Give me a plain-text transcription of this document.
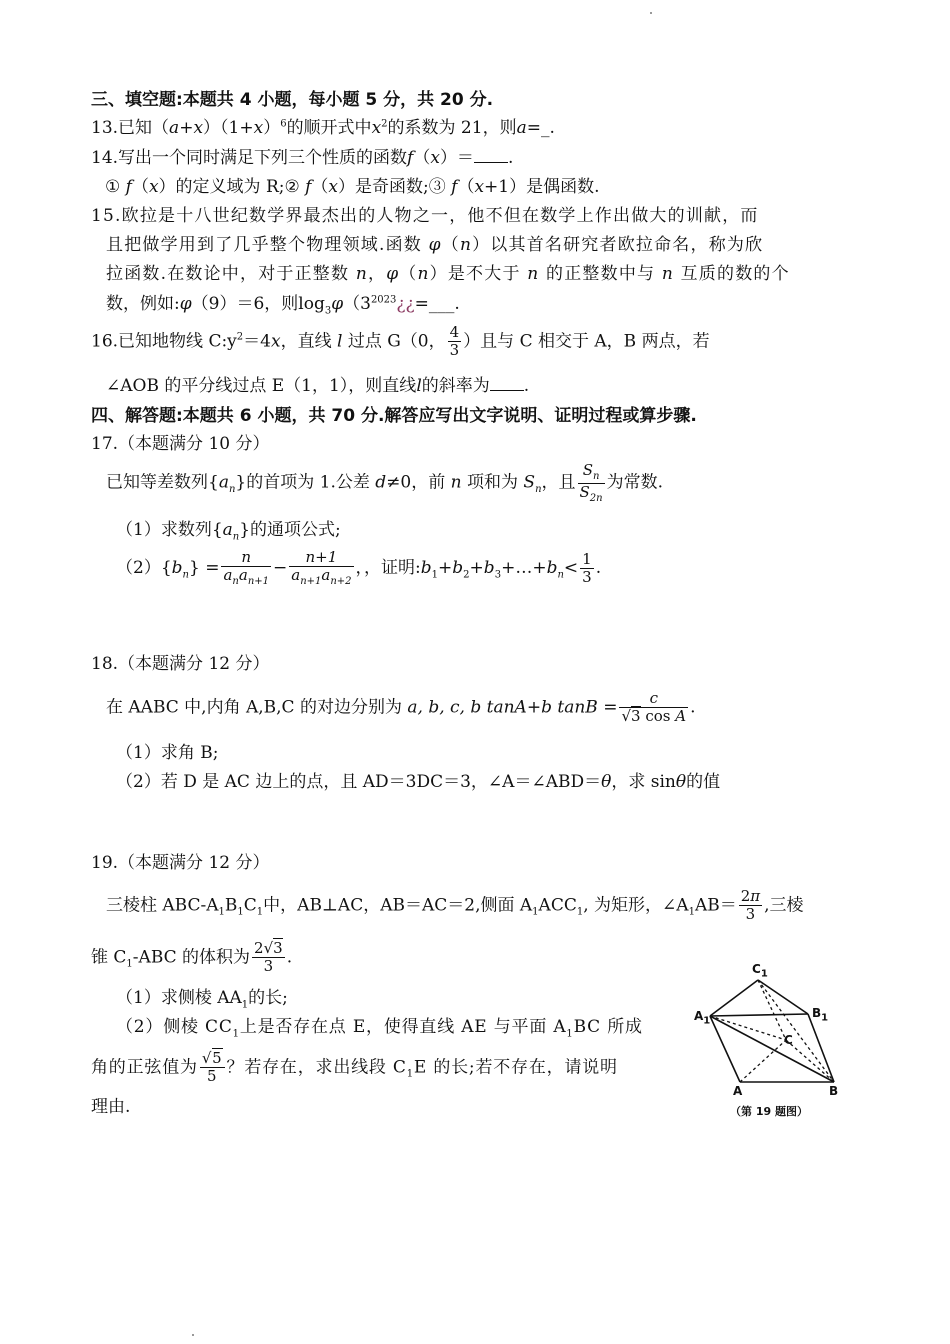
三、填空题:本题共 4 小题，每小题 5 分，共 20 分.
13.已知$(a+x)(1+x)^6$的顺开式中$x^2$的系数为 21，则a=_.
14.写出一个同时满足下列三个性质的函数f（x）＝ .
① f（x）的定义域为 R;② f（x）是奇函数;③ f（x+1）是偶函数.
15.欧拉是十八世纪数学界最杰出的人物之一，他不但在数学上作出做大的训献，而
且把做学用到了几乎整个物理领域.函数 φ（n）以其首名研究者欧拉命名，称为欣
拉函数.在数论中，对于正整数 n，φ（n）是不大于 n 的正整数中与 n 互质的数的个
数，例如:φ（9）＝6，则$\log_3\varphi(3^{2023}¿¿=\_\_\_$.
16.已知地物线 $C:y^2=4x$，直线 l 过点 G（0， $\frac{4}{3}$ ）且与 C 相交于 A，B 两点，若
∠AOB 的平分线过点 E（1，1），则直线l的斜率为 .
四、解答题:本题共 6 小题，共 70 分.解答应写出文字说明、证明过程或算步骤.
17.（本题满分 10 分）
已知等差数列$\{a_n\}$的首项为 1.公差 d≠0，前 n 项和为 $S_n$，且 $\frac{S_n}{S_{2n}}$ 为常数.
（1）求数列$\{a_n\}$的通项公式;
$(2)\{b_n\} = \frac{n}{a_na_{n+1}} - \frac{n+1}{a_{n+1}a_{n+2}}$ ，，证明$:b_1+b_2+b_3+\dots+b_n< \frac{1}{3}$ .
18.（本题满分 12 分）
在 AABC 中,内角 A,B,C 的对边分别为 a, b, c, b tanA+b $\tan B = \frac{c}{\text{√3 cos A}}$ .
（1）求角 B;
（2）若 D 是 AC 边上的点，且 AD＝3DC＝3，∠A＝∠ABD＝θ，求 sinθ的值
19.（本题满分 12 分）
三棱柱 ABC-$A_1B_1C_1$中，AB⊥AC，AB＝AC＝2,侧面 $A_1ACC_1$, 为矩形，$\angle A_1AB= \frac{2\pi}{3}$ ,三棱
锥 $C_1$-ABC 的体积为 $\frac{2√3}{3}$ .
（1）求侧棱 $AA_1$的长;
（2）侧棱 $CC_1$上是否存在点 E，使得直线 AE 与平面 $A_1BC$ 所成
角的正弦值为 $\frac{√5}{5}$ ？若存在，求出线段 $C_1E$ 的长;若不存在，请说明
理由.
$C_1$
$B_1$
$A_1$
C
A	B
（第 19 题图）
